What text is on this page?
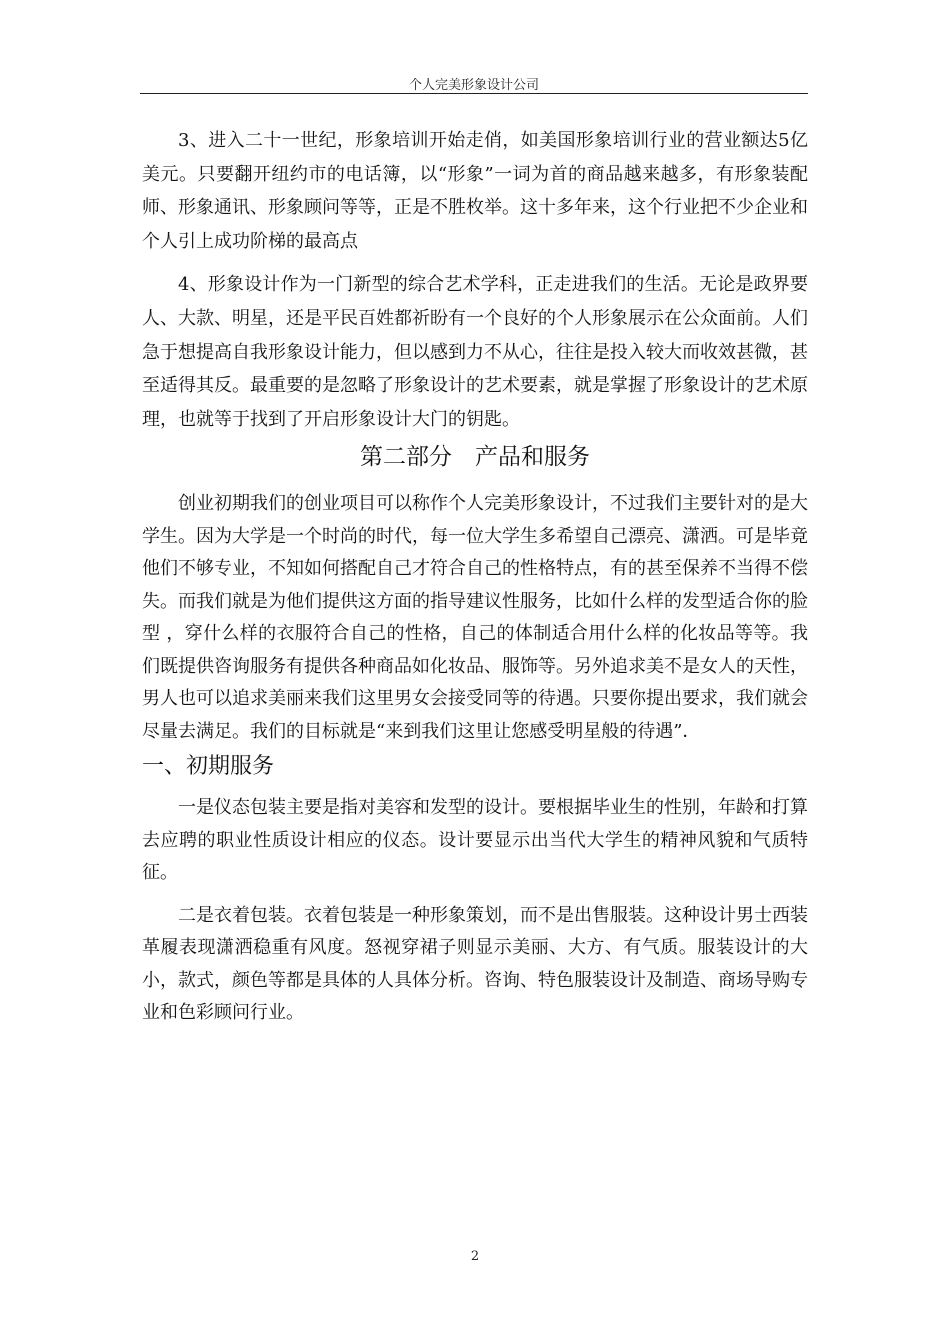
个人完美形象设计公司

3、进入二十一世纪，形象培训开始走俏，如美国形象培训行业的营业额达5亿美元。只要翻开纽约市的电话簿，以“形象”一词为首的商品越来越多，有形象装配师、形象通讯、形象顾问等等，正是不胜枚举。这十多年来，这个行业把不少企业和个人引上成功阶梯的最高点

4、形象设计作为一门新型的综合艺术学科，正走进我们的生活。无论是政界要人、大款、明星，还是平民百姓都祈盼有一个良好的个人形象展示在公众面前。人们急于想提高自我形象设计能力，但以感到力不从心，往往是投入较大而收效甚微，甚至适得其反。最重要的是忽略了形象设计的艺术要素，就是掌握了形象设计的艺术原理，也就等于找到了开启形象设计大门的钥匙。

第二部分　产品和服务

创业初期我们的创业项目可以称作个人完美形象设计，不过我们主要针对的是大学生。因为大学是一个时尚的时代，每一位大学生多希望自己漂亮、潇洒。可是毕竟他们不够专业，不知如何搭配自己才符合自己的性格特点，有的甚至保养不当得不偿失。而我们就是为他们提供这方面的指导建议性服务，比如什么样的发型适合你的脸型 ，穿什么样的衣服符合自己的性格，自己的体制适合用什么样的化妆品等等。我们既提供咨询服务有提供各种商品如化妆品、服饰等。另外追求美不是女人的天性，男人也可以追求美丽来我们这里男女会接受同等的待遇。只要你提出要求，我们就会尽量去满足。我们的目标就是“来到我们这里让您感受明星般的待遇”．

一、初期服务

一是仪态包装主要是指对美容和发型的设计。要根据毕业生的性别，年龄和打算去应聘的职业性质设计相应的仪态。设计要显示出当代大学生的精神风貌和气质特征。

二是衣着包装。衣着包装是一种形象策划，而不是出售服装。这种设计男士西装革履表现潇洒稳重有风度。怒视穿裙子则显示美丽、大方、有气质。服装设计的大小，款式，颜色等都是具体的人具体分析。咨询、特色服装设计及制造、商场导购专业和色彩顾问行业。

2
